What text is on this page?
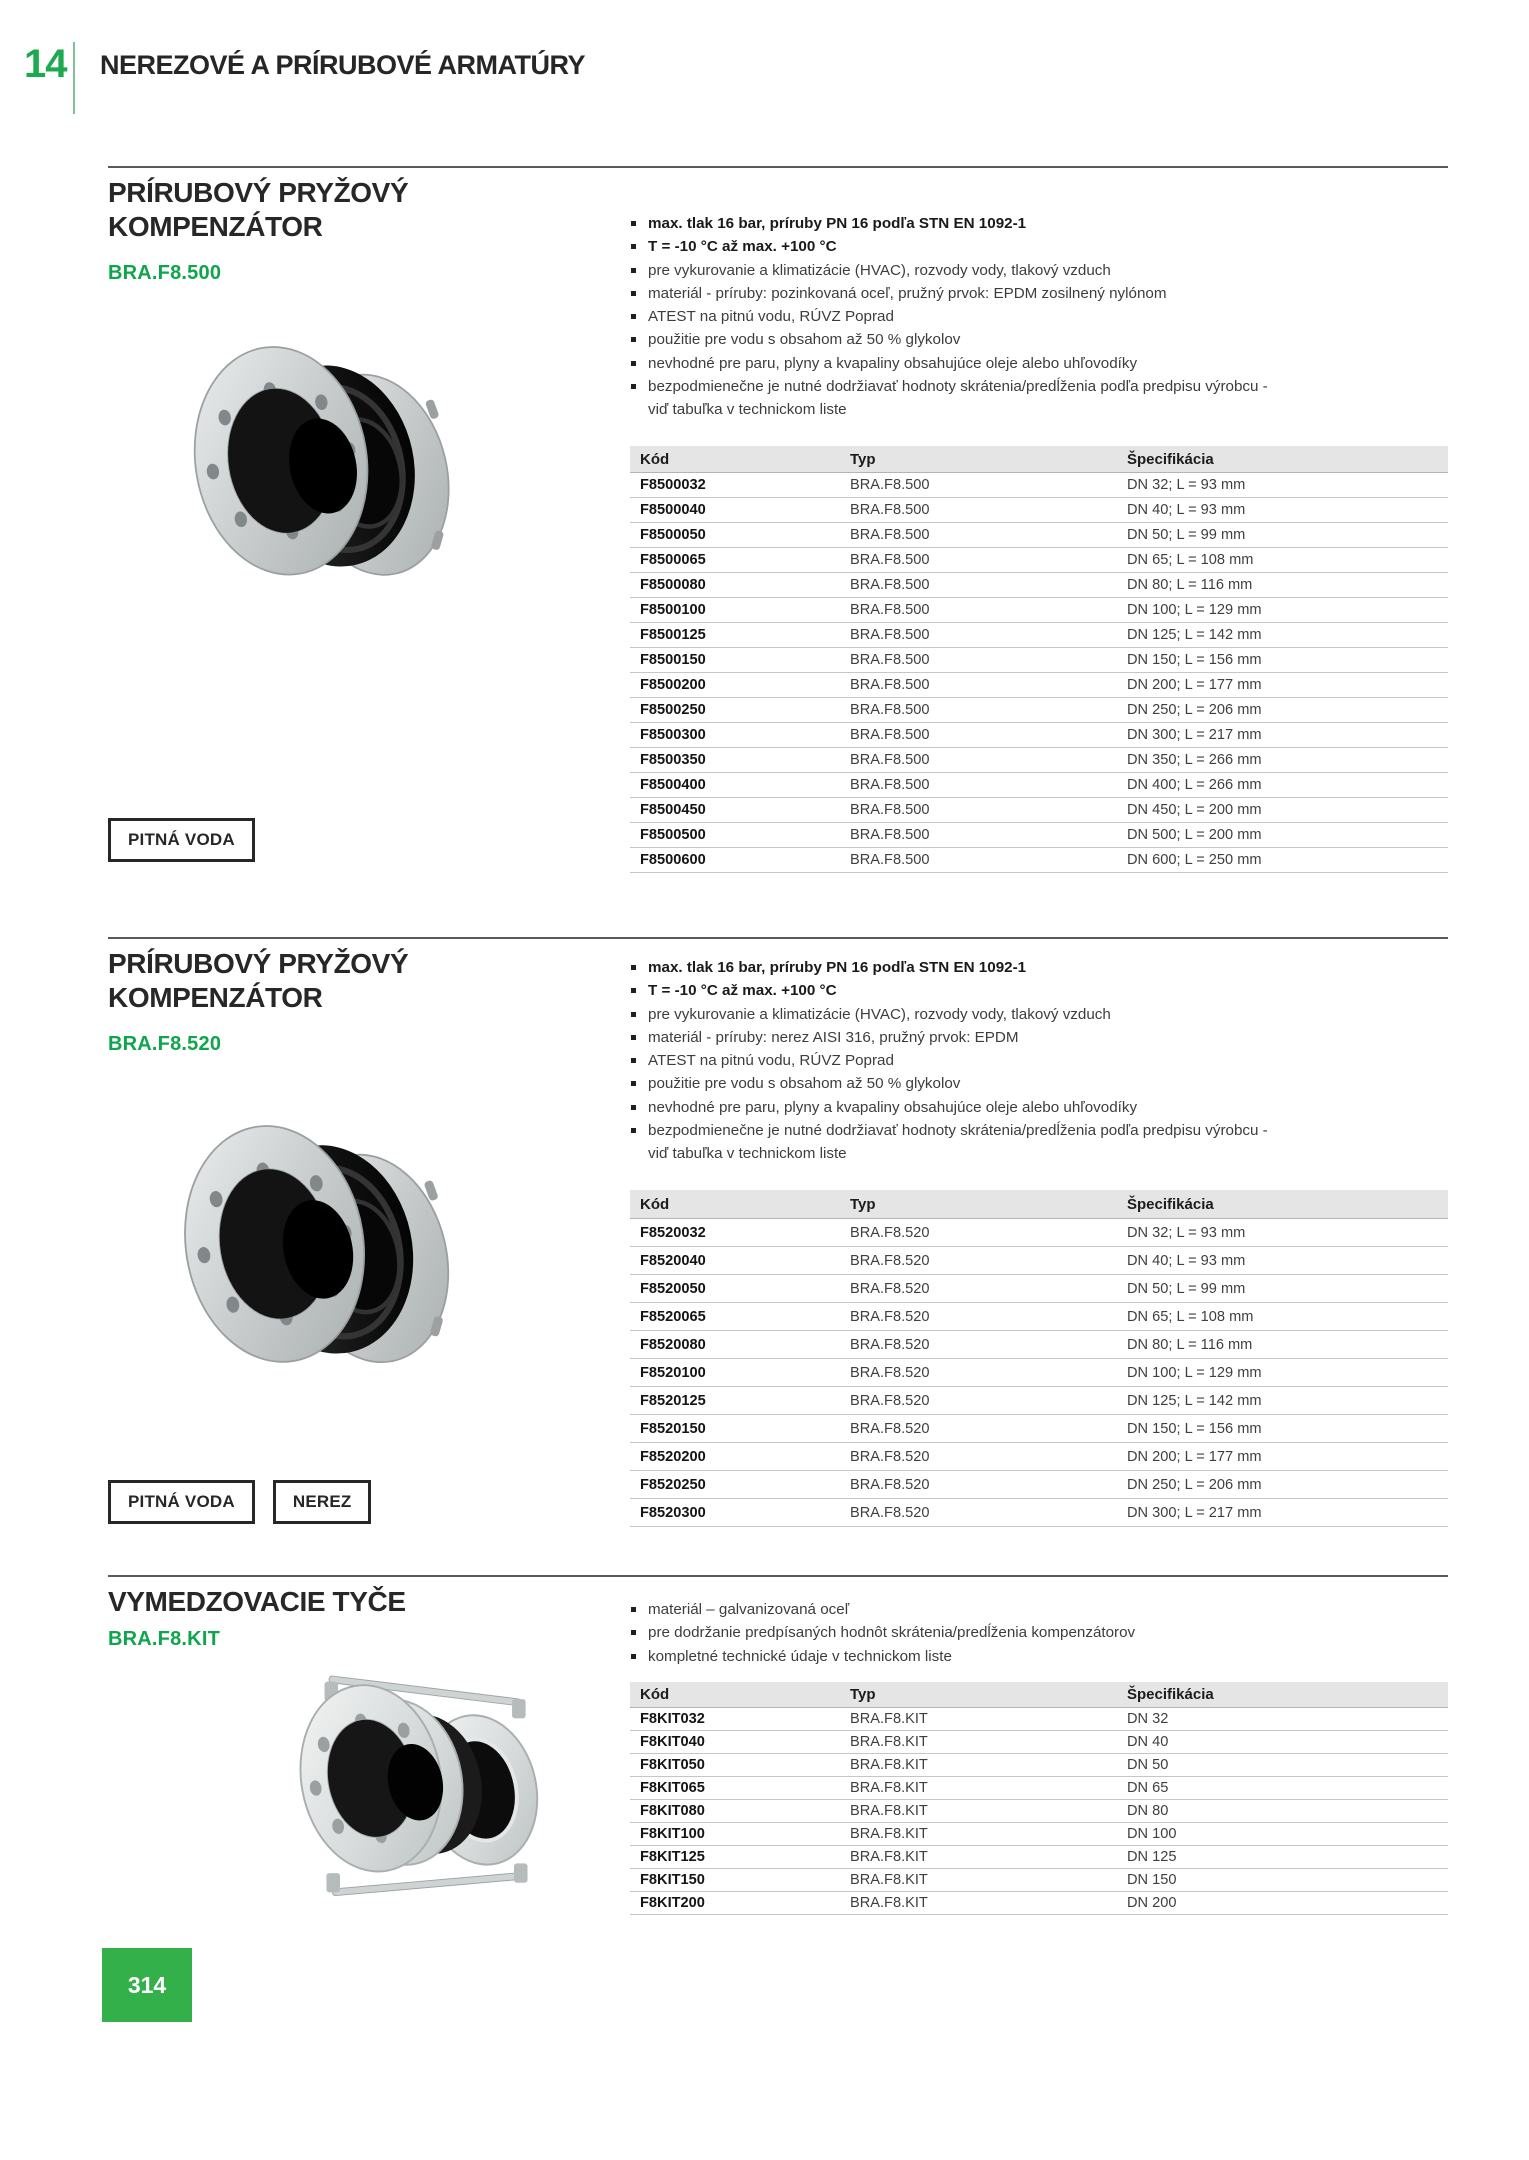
14 NEREZOVÉ A PRÍRUBOVÉ ARMATÚRY
PRÍRUBOVÝ PRYŽOVÝ
KOMPENZÁTOR
BRA.F8.500
max. tlak 16 bar, príruby PN 16 podľa STN EN 1092-1
T = -10 °C až max. +100 °C
pre vykurovanie a klimatizácie (HVAC), rozvody vody, tlakový vzduch
materiál - príruby: pozinkovaná oceľ, pružný prvok: EPDM zosilnený nylónom
ATEST na pitnú vodu, RÚVZ Poprad
použitie pre vodu s obsahom až 50 % glykolov
nevhodné pre paru, plyny a kvapaliny obsahujúce oleje alebo uhľovodíky
bezpodmienečne je nutné dodržiavať hodnoty skrátenia/predĺženia podľa predpisu výrobcu - viď tabuľka v technickom liste
Kód	Typ	Špecifikácia
F8500032	BRA.F8.500	DN 32; L = 93 mm
F8500040	BRA.F8.500	DN 40; L = 93 mm
F8500050	BRA.F8.500	DN 50; L = 99 mm
F8500065	BRA.F8.500	DN 65; L = 108 mm
F8500080	BRA.F8.500	DN 80; L = 116 mm
F8500100	BRA.F8.500	DN 100; L = 129 mm
F8500125	BRA.F8.500	DN 125; L = 142 mm
F8500150	BRA.F8.500	DN 150; L = 156 mm
F8500200	BRA.F8.500	DN 200; L = 177 mm
F8500250	BRA.F8.500	DN 250; L = 206 mm
F8500300	BRA.F8.500	DN 300; L = 217 mm
F8500350	BRA.F8.500	DN 350; L = 266 mm
F8500400	BRA.F8.500	DN 400; L = 266 mm
F8500450	BRA.F8.500	DN 450; L = 200 mm
F8500500	BRA.F8.500	DN 500; L = 200 mm
F8500600	BRA.F8.500	DN 600; L = 250 mm
PITNÁ VODA
PRÍRUBOVÝ PRYŽOVÝ
KOMPENZÁTOR
BRA.F8.520
max. tlak 16 bar, príruby PN 16 podľa STN EN 1092-1
T = -10 °C až max. +100 °C
pre vykurovanie a klimatizácie (HVAC), rozvody vody, tlakový vzduch
materiál - príruby: nerez AISI 316, pružný prvok: EPDM
ATEST na pitnú vodu, RÚVZ Poprad
použitie pre vodu s obsahom až 50 % glykolov
nevhodné pre paru, plyny a kvapaliny obsahujúce oleje alebo uhľovodíky
bezpodmienečne je nutné dodržiavať hodnoty skrátenia/predĺženia podľa predpisu výrobcu - viď tabuľka v technickom liste
Kód	Typ	Špecifikácia
F8520032	BRA.F8.520	DN 32; L = 93 mm
F8520040	BRA.F8.520	DN 40; L = 93 mm
F8520050	BRA.F8.520	DN 50; L = 99 mm
F8520065	BRA.F8.520	DN 65; L = 108 mm
F8520080	BRA.F8.520	DN 80; L = 116 mm
F8520100	BRA.F8.520	DN 100; L = 129 mm
F8520125	BRA.F8.520	DN 125; L = 142 mm
F8520150	BRA.F8.520	DN 150; L = 156 mm
F8520200	BRA.F8.520	DN 200; L = 177 mm
F8520250	BRA.F8.520	DN 250; L = 206 mm
F8520300	BRA.F8.520	DN 300; L = 217 mm
PITNÁ VODA	NEREZ
VYMEDZOVACIE TYČE
BRA.F8.KIT
materiál – galvanizovaná oceľ
pre dodržanie predpísaných hodnôt skrátenia/predĺženia kompenzátorov
kompletné technické údaje v technickom liste
Kód	Typ	Špecifikácia
F8KIT032	BRA.F8.KIT	DN 32
F8KIT040	BRA.F8.KIT	DN 40
F8KIT050	BRA.F8.KIT	DN 50
F8KIT065	BRA.F8.KIT	DN 65
F8KIT080	BRA.F8.KIT	DN 80
F8KIT100	BRA.F8.KIT	DN 100
F8KIT125	BRA.F8.KIT	DN 125
F8KIT150	BRA.F8.KIT	DN 150
F8KIT200	BRA.F8.KIT	DN 200
314
